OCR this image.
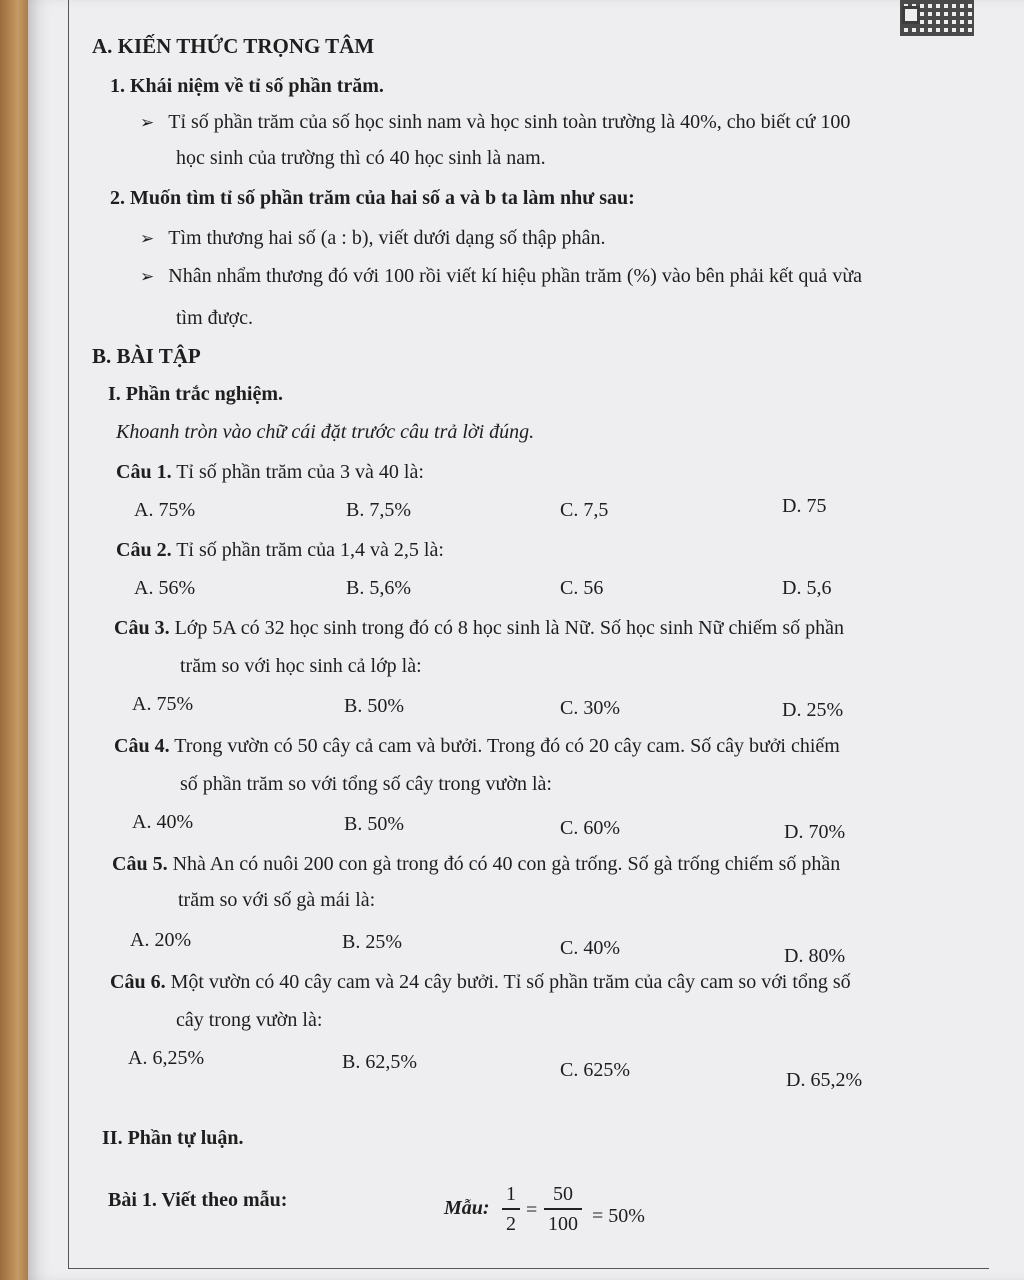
A. KIẾN THỨC TRỌNG TÂM
1. Khái niệm về tỉ số phần trăm.
➢ Tỉ số phần trăm của số học sinh nam và học sinh toàn trường là 40%, cho biết cứ 100
học sinh của trường thì có 40 học sinh là nam.
2. Muốn tìm tỉ số phần trăm của hai số a và b ta làm như sau:
➢ Tìm thương hai số (a : b), viết dưới dạng số thập phân.
➢ Nhân nhẩm thương đó với 100 rồi viết kí hiệu phần trăm (%) vào bên phải kết quả vừa
tìm được.
B. BÀI TẬP
I. Phần trắc nghiệm.
Khoanh tròn vào chữ cái đặt trước câu trả lời đúng.
Câu 1. Tỉ số phần trăm của 3 và 40 là:
A. 75%	B. 7,5%	C. 7,5	D. 75
Câu 2. Tỉ số phần trăm của 1,4 và 2,5 là:
A. 56%	B. 5,6%	C. 56	D. 5,6
Câu 3. Lớp 5A có 32 học sinh trong đó có 8 học sinh là Nữ. Số học sinh Nữ chiếm số phần
trăm so với học sinh cả lớp là:
A. 75%	B. 50%	C. 30%	D. 25%
Câu 4. Trong vườn có 50 cây cả cam và bưởi. Trong đó có 20 cây cam. Số cây bưởi chiếm
số phần trăm so với tổng số cây trong vườn là:
A. 40%	B. 50%	C. 60%	D. 70%
Câu 5. Nhà An có nuôi 200 con gà trong đó có 40 con gà trống. Số gà trống chiếm số phần
trăm so với số gà mái là:
A. 20%	B. 25%	C. 40%	D. 80%
Câu 6. Một vườn có 40 cây cam và 24 cây bưởi. Tỉ số phần trăm của cây cam so với tổng số
cây trong vườn là:
A. 6,25%	B. 62,5%	C. 625%	D. 65,2%
II. Phần tự luận.
Bài 1. Viết theo mẫu:	Mẫu:
1
2
=
50
100 = 50%
